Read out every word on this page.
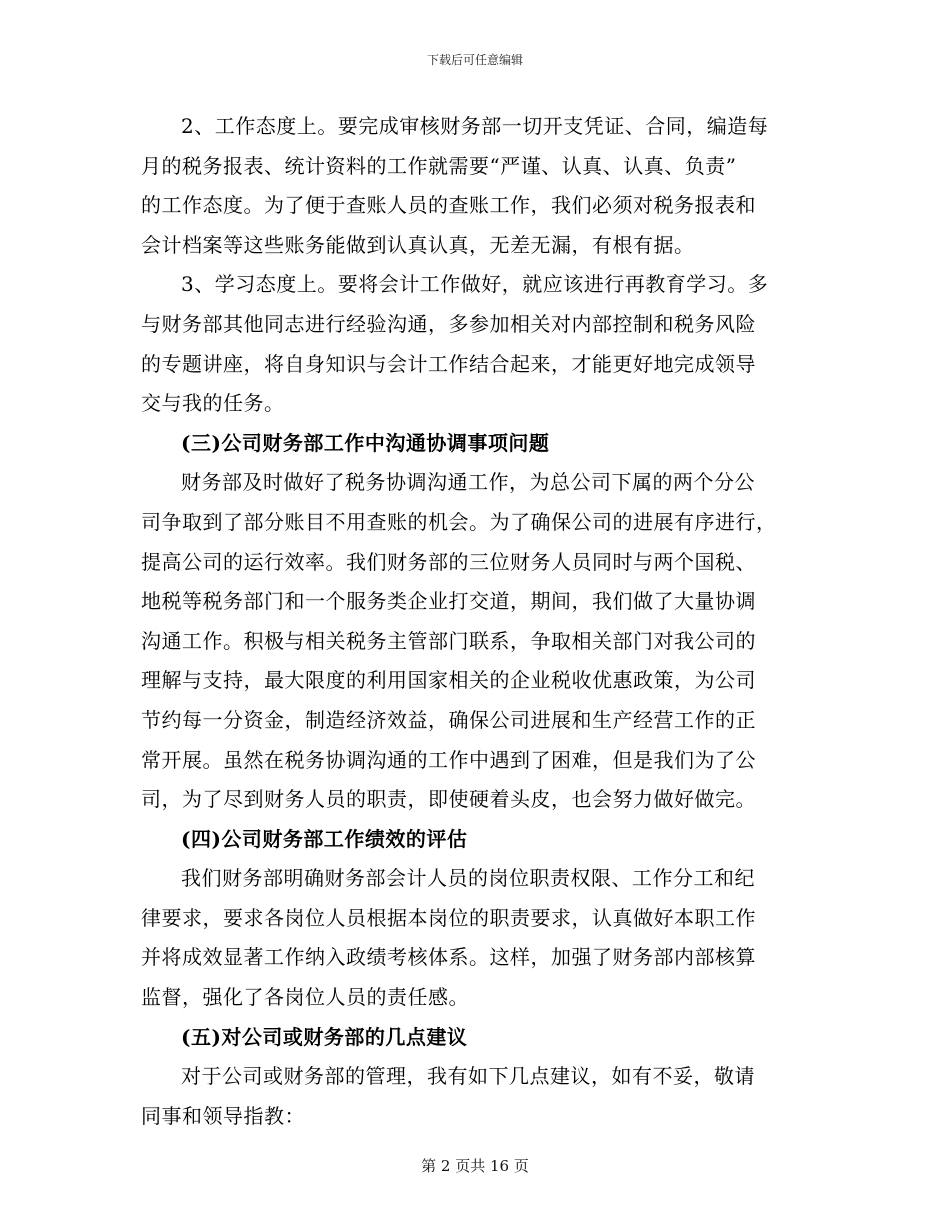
下载后可任意编辑

2、工作态度上。要完成审核财务部一切开支凭证、合同，编造每
月的税务报表、统计资料的工作就需要“严谨、认真、认真、负责”
的工作态度。为了便于查账人员的查账工作，我们必须对税务报表和
会计档案等这些账务能做到认真认真，无差无漏，有根有据。

3、学习态度上。要将会计工作做好，就应该进行再教育学习。多
与财务部其他同志进行经验沟通，多参加相关对内部控制和税务风险
的专题讲座，将自身知识与会计工作结合起来，才能更好地完成领导
交与我的任务。

(三)公司财务部工作中沟通协调事项问题

财务部及时做好了税务协调沟通工作，为总公司下属的两个分公
司争取到了部分账目不用查账的机会。为了确保公司的进展有序进行，
提高公司的运行效率。我们财务部的三位财务人员同时与两个国税、
地税等税务部门和一个服务类企业打交道，期间，我们做了大量协调
沟通工作。积极与相关税务主管部门联系，争取相关部门对我公司的
理解与支持，最大限度的利用国家相关的企业税收优惠政策，为公司
节约每一分资金，制造经济效益，确保公司进展和生产经营工作的正
常开展。虽然在税务协调沟通的工作中遇到了困难，但是我们为了公
司，为了尽到财务人员的职责，即使硬着头皮，也会努力做好做完。

(四)公司财务部工作绩效的评估

我们财务部明确财务部会计人员的岗位职责权限、工作分工和纪
律要求，要求各岗位人员根据本岗位的职责要求，认真做好本职工作
并将成效显著工作纳入政绩考核体系。这样，加强了财务部内部核算
监督，强化了各岗位人员的责任感。

(五)对公司或财务部的几点建议

对于公司或财务部的管理，我有如下几点建议，如有不妥，敬请
同事和领导指教：

第 2 页共 16 页
